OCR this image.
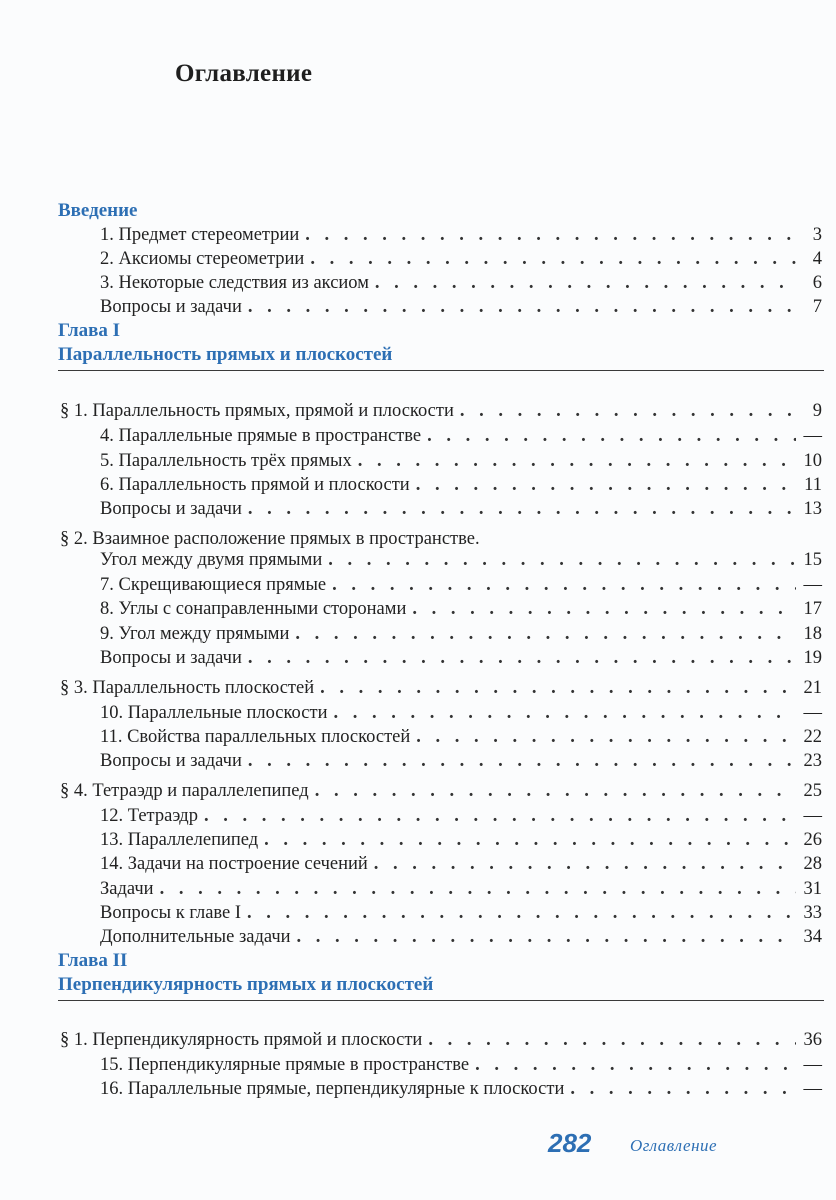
Оглавление
Введение
1. Предмет стереометрии . . .	3
2. Аксиомы стереометрии . . .	4
3. Некоторые следствия из аксиом . . .	6
Вопросы и задачи . . .	7
Глава I
Параллельность прямых и плоскостей
§ 1. Параллельность прямых, прямой и плоскости . . .	9
4. Параллельные прямые в пространстве . . .	—
5. Параллельность трёх прямых . . .	10
6. Параллельность прямой и плоскости . . .	11
Вопросы и задачи . . .	13
§ 2. Взаимное расположение прямых в пространстве.
Угол между двумя прямыми . . .	15
7. Скрещивающиеся прямые . . .	—
8. Углы с сонаправленными сторонами . . .	17
9. Угол между прямыми . . .	18
Вопросы и задачи . . .	19
§ 3. Параллельность плоскостей . . .	21
10. Параллельные плоскости . . .	—
11. Свойства параллельных плоскостей . . .	22
Вопросы и задачи . . .	23
§ 4. Тетраэдр и параллелепипед . . .	25
12. Тетраэдр . . .	—
13. Параллелепипед . . .	26
14. Задачи на построение сечений . . .	28
Задачи . . .	31
Вопросы к главе I . . .	33
Дополнительные задачи . . .	34
Глава II
Перпендикулярность прямых и плоскостей
§ 1. Перпендикулярность прямой и плоскости . . .	36
15. Перпендикулярные прямые в пространстве . . .	—
16. Параллельные прямые, перпендикулярные к плоскости . . .	—
282 Оглавление
